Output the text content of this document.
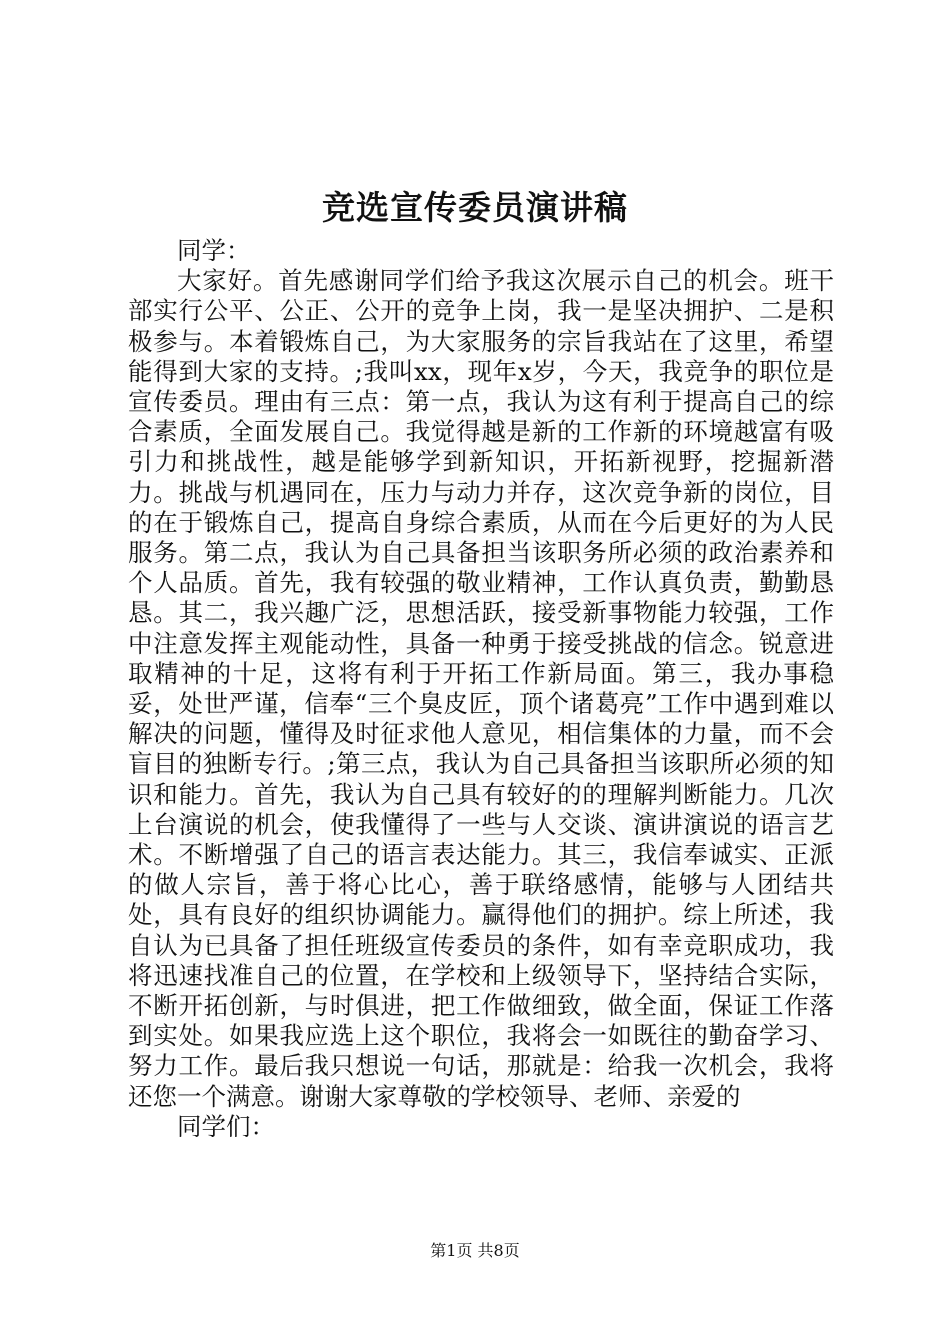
竞选宣传委员演讲稿

同学：

大家好。首先感谢同学们给予我这次展示自己的机会。班干部实行公平、公正、公开的竞争上岗，我一是坚决拥护、二是积极参与。本着锻炼自己，为大家服务的宗旨我站在了这里，希望能得到大家的支持。;我叫xx，现年x岁，今天，我竞争的职位是宣传委员。理由有三点：第一点，我认为这有利于提高自己的综合素质，全面发展自己。我觉得越是新的工作新的环境越富有吸引力和挑战性，越是能够学到新知识，开拓新视野，挖掘新潜力。挑战与机遇同在，压力与动力并存，这次竞争新的岗位，目的在于锻炼自己，提高自身综合素质，从而在今后更好的为人民服务。第二点，我认为自己具备担当该职务所必须的政治素养和个人品质。首先，我有较强的敬业精神，工作认真负责，勤勤恳恳。其二，我兴趣广泛，思想活跃，接受新事物能力较强，工作中注意发挥主观能动性，具备一种勇于接受挑战的信念。锐意进取精神的十足，这将有利于开拓工作新局面。第三，我办事稳妥，处世严谨，信奉“三个臭皮匠，顶个诸葛亮”工作中遇到难以解决的问题，懂得及时征求他人意见，相信集体的力量，而不会盲目的独断专行。;第三点，我认为自己具备担当该职所必须的知识和能力。首先，我认为自己具有较好的的理解判断能力。几次上台演说的机会，使我懂得了一些与人交谈、演讲演说的语言艺术。不断增强了自己的语言表达能力。其三，我信奉诚实、正派的做人宗旨，善于将心比心，善于联络感情，能够与人团结共处，具有良好的组织协调能力。赢得他们的拥护。综上所述，我自认为已具备了担任班级宣传委员的条件，如有幸竞职成功，我将迅速找准自己的位置，在学校和上级领导下，坚持结合实际，不断开拓创新，与时俱进，把工作做细致，做全面，保证工作落到实处。如果我应选上这个职位，我将会一如既往的勤奋学习、努力工作。最后我只想说一句话，那就是：给我一次机会，我将还您一个满意。谢谢大家尊敬的学校领导、老师、亲爱的

同学们：

第1页 共8页
